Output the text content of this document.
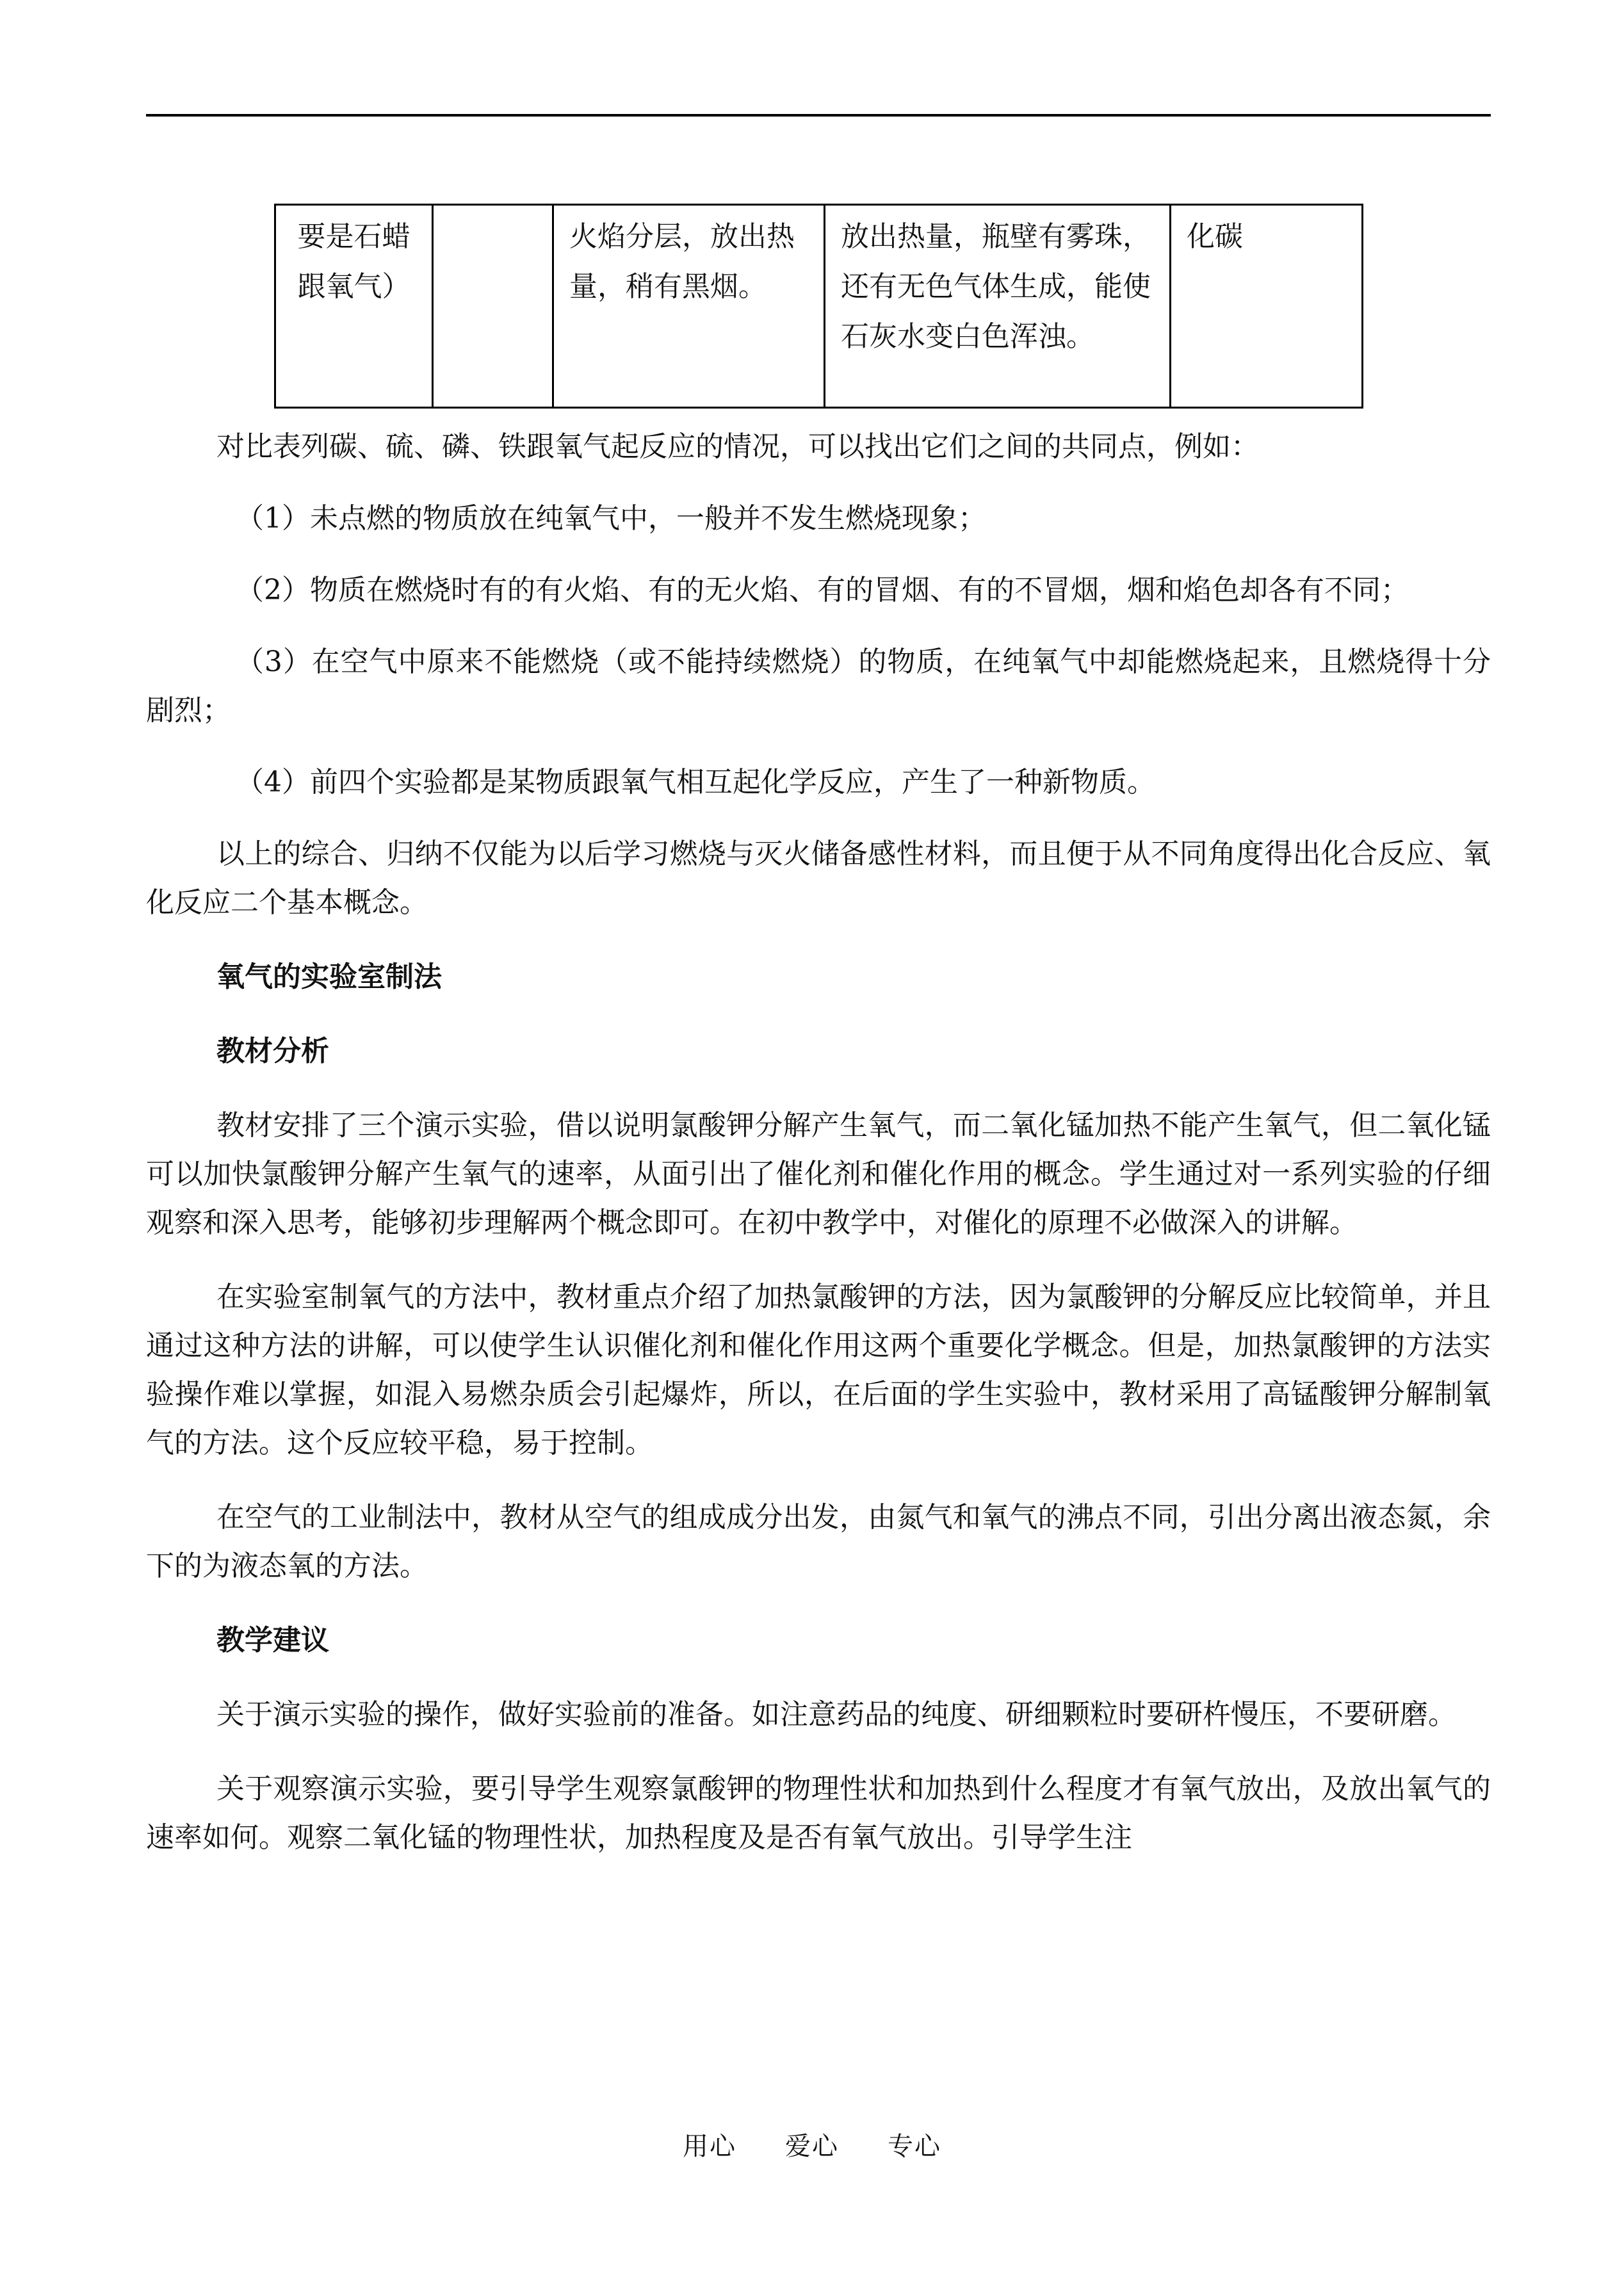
要是石蜡跟氧气）		火焰分层，放出热量，稍有黑烟。	放出热量，瓶壁有雾珠，还有无色气体生成，能使石灰水变白色浑浊。	化碳

对比表列碳、硫、磷、铁跟氧气起反应的情况，可以找出它们之间的共同点，例如：

（1）未点燃的物质放在纯氧气中，一般并不发生燃烧现象；

（2）物质在燃烧时有的有火焰、有的无火焰、有的冒烟、有的不冒烟，烟和焰色却各有不同；

（3）在空气中原来不能燃烧（或不能持续燃烧）的物质，在纯氧气中却能燃烧起来，且燃烧得十分剧烈；

（4）前四个实验都是某物质跟氧气相互起化学反应，产生了一种新物质。

以上的综合、归纳不仅能为以后学习燃烧与灭火储备感性材料，而且便于从不同角度得出化合反应、氧化反应二个基本概念。

氧气的实验室制法

教材分析

教材安排了三个演示实验，借以说明氯酸钾分解产生氧气，而二氧化锰加热不能产生氧气，但二氧化锰可以加快氯酸钾分解产生氧气的速率，从面引出了催化剂和催化作用的概念。学生通过对一系列实验的仔细观察和深入思考，能够初步理解两个概念即可。在初中教学中，对催化的原理不必做深入的讲解。

在实验室制氧气的方法中，教材重点介绍了加热氯酸钾的方法，因为氯酸钾的分解反应比较简单，并且通过这种方法的讲解，可以使学生认识催化剂和催化作用这两个重要化学概念。但是，加热氯酸钾的方法实验操作难以掌握，如混入易燃杂质会引起爆炸，所以，在后面的学生实验中，教材采用了高锰酸钾分解制氧气的方法。这个反应较平稳，易于控制。

在空气的工业制法中，教材从空气的组成成分出发，由氮气和氧气的沸点不同，引出分离出液态氮，余下的为液态氧的方法。

教学建议

关于演示实验的操作，做好实验前的准备。如注意药品的纯度、研细颗粒时要研杵慢压，不要研磨。

关于观察演示实验，要引导学生观察氯酸钾的物理性状和加热到什么程度才有氧气放出，及放出氧气的速率如何。观察二氧化锰的物理性状，加热程度及是否有氧气放出。引导学生注

用心 爱心 专心
